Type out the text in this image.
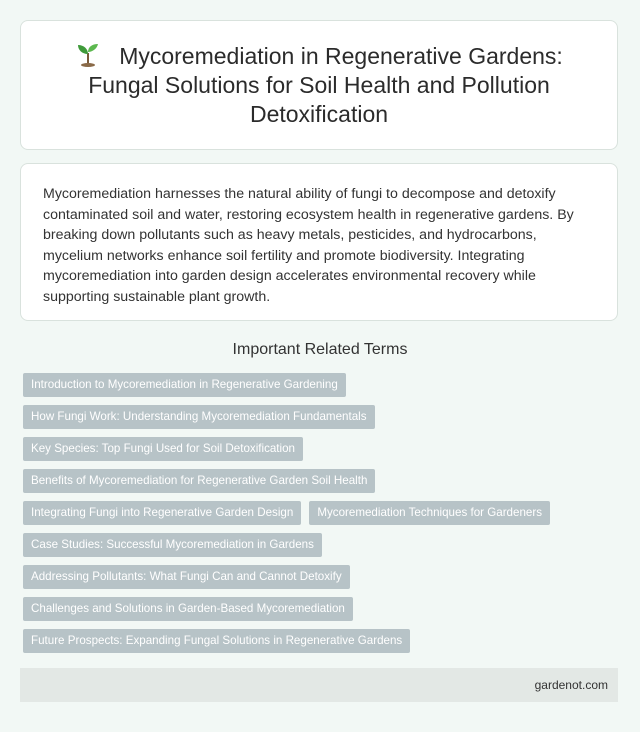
Mycoremediation in Regenerative Gardens: Fungal Solutions for Soil Health and Pollution Detoxification

Mycoremediation harnesses the natural ability of fungi to decompose and detoxify contaminated soil and water, restoring ecosystem health in regenerative gardens. By breaking down pollutants such as heavy metals, pesticides, and hydrocarbons, mycelium networks enhance soil fertility and promote biodiversity. Integrating mycoremediation into garden design accelerates environmental recovery while supporting sustainable plant growth.

Important Related Terms
Introduction to Mycoremediation in Regenerative Gardening
How Fungi Work: Understanding Mycoremediation Fundamentals
Key Species: Top Fungi Used for Soil Detoxification
Benefits of Mycoremediation for Regenerative Garden Soil Health
Integrating Fungi into Regenerative Garden Design	Mycoremediation Techniques for Gardeners
Case Studies: Successful Mycoremediation in Gardens
Addressing Pollutants: What Fungi Can and Cannot Detoxify
Challenges and Solutions in Garden-Based Mycoremediation
Future Prospects: Expanding Fungal Solutions in Regenerative Gardens
gardenot.com
